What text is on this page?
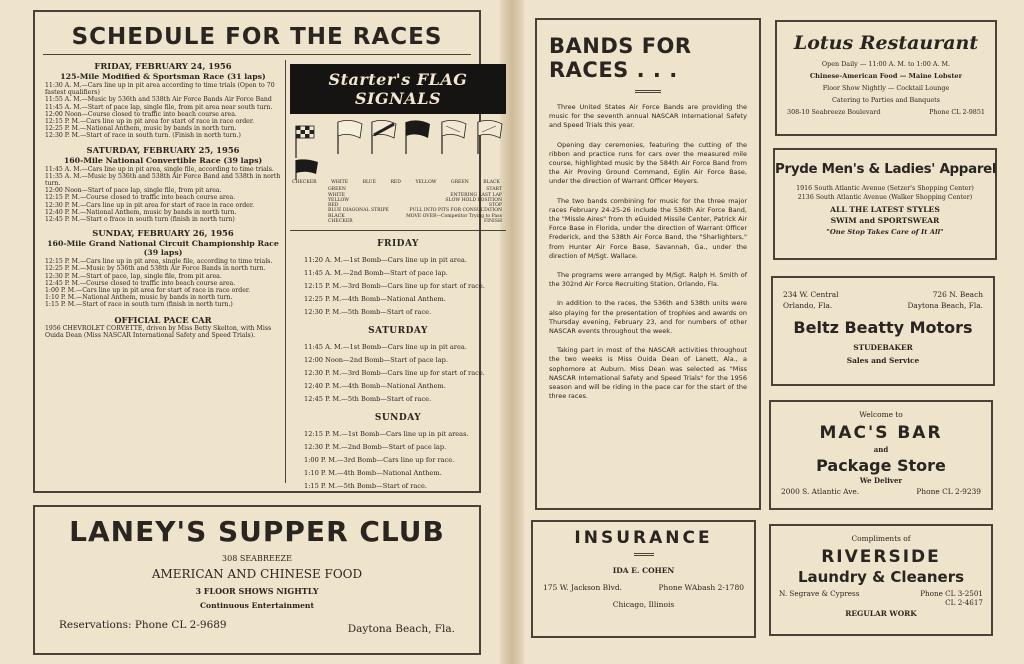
SCHEDULE FOR THE RACES
FRIDAY, FEBRUARY 24, 1956
125-Mile Modified & Sportsman Race (31 laps)
11:30 A. M.—Cars line up in pit area according to time trials (Open to 70 fastest qualifiers)
11:55 A. M.—Music by 536th and 538th Air Force Bands Air Force Band
11:45 A. M.—Start of pace lap, single file, from pit area near south turn.
12:00 Noon—Course closed to traffic into beach course area.
12:15 P. M.—Cars line up in pit area for start of race in race order.
12:25 P. M.—National Anthem, music by bands in north turn.
12:30 P. M.—Start of race in south turn. (Finish in north turn.)
SATURDAY, FEBRUARY 25, 1956
160-Mile National Convertible Race (39 laps)
11:45 A. M.—Cars line up in pit area, single file, according to time trials.
11:35 A. M.—Music by 536th and 538th Air Force Band and 538th in north turn.
12:00 Noon—Start of pace lap, single file, from pit area.
12:15 P. M.—Course closed to traffic into beach course area.
12:30 P. M.—Cars line up in pit area for start of race in race order.
12:40 P. M.—National Anthem, music by bands in north turn.
12:45 P. M.—Start o frace in south turn (finish in north turn)
SUNDAY, FEBRUARY 26, 1956
160-Mile Grand National Circuit Championship Race (39 laps)
12:15 P. M.—Cars line up in pit area, single file, according to time trials.
12:25 P. M.—Music by 536th and 538th Air Force Bands in north turn.
12:30 P. M.—Start of pace, lap, single file, from pit area.
12:45 P. M.—Course closed to traffic into beach course area.
1:00 P. M.—Cars line up in pit area for start of race in race order.
1:10 P. M.—National Anthem, music by bands in north turn.
1:15 P. M.—Start of race in south turn (finish in north turn.)
OFFICIAL PACE CAR
1956 CHEVROLET CORVETTE, driven by Miss Betty Skelton, with Miss Ouida Dean (Miss NASCAR International Safety and Speed Trials).
Starter's FLAG SIGNALS
CHECKER	WHITE	BLUE	RED	YELLOW	GREEN	BLACK
GREEN	START
WHITE	ENTERING LAST LAP
YELLOW	SLOW HOLD POSITION
RED	STOP
BLUE DIAGONAL STRIPE	PULL INTO PITS FOR CONSULTATION
BLACK	MOVE OVER—Competitor Trying to Pass
CHECKER	FINISH
FRIDAY
11:20 A. M.—1st Bomb—Cars line up in pit area.
11:45 A. M.—2nd Bomb—Start of pace lap.
12:15 P. M.—3rd Bomb—Cars line up for start of race.
12:25 P. M.—4th Bomb—National Anthem.
12:30 P. M.—5th Bomb—Start of race.
SATURDAY
11:45 A. M.—1st Bomb—Cars line up in pit area.
12:00 Noon—2nd Bomb—Start of pace lap.
12:30 P. M.—3rd Bomb—Cars line up for start of race.
12:40 P. M.—4th Bomb—National Anthem.
12:45 P. M.—5th Bomb—Start of race.
SUNDAY
12:15 P. M.—1st Bomb—Cars line up in pit areas.
12:30 P. M.—2nd Bomb—Start of pace lap.
1:00 P. M.—3rd Bomb—Cars line up for race.
1:10 P. M.—4th Bomb—National Anthem.
1:15 P. M.—5th Bomb—Start of race.
LANEY'S SUPPER CLUB
308 SEABREEZE
AMERICAN AND CHINESE FOOD
3 FLOOR SHOWS NIGHTLY
Continuous Entertainment
Reservations: Phone CL 2-9689	Daytona Beach, Fla.
BANDS FOR RACES . . .

Three United States Air Force Bands are providing the music for the seventh annual NASCAR International Safety and Speed Trials this year.

Opening day ceremonies, featuring the cutting of the ribbon and practice runs for cars over the measured mile course, highlighted music by the 584th Air Force Band from the Air Proving Ground Command, Eglin Air Force Base, under the direction of Warrant Officer Meyers.

The two bands combining for music for the three major races February 24-25-26 include the 536th Air Force Band, the "Missle Aires" from th eGuided Missile Center, Patrick Air Force Base in Florida, under the direction of Warrant Officer Frederick, and the 538th Air Force Band, the "Sharlighters," from Hunter Air Force Base, Savannah, Ga., under the direction of M/Sgt. Wallace.

The programs were arranged by M/Sgt. Ralph H. Smith of the 302nd Air Force Recruiting Station, Orlando, Fla.

In addition to the races, the 536th and 538th units were also playing for the presentation of trophies and awards on Thursday evening, February 23, and for numbers of other NASCAR events throughout the week.

Taking part in most of the NASCAR activities throughout the two weeks is Miss Ouida Dean of Lanett, Ala., a sophomore at Auburn. Miss Dean was selected as "Miss NASCAR International Safety and Speed Trials" for the 1956 season and will be riding in the pace car for the start of the three races.

INSURANCE
IDA E. COHEN
175 W. Jackson Blvd.	Phone WAbash 2-1780
Chicago, Illinois
Lotus Restaurant
Open Daily — 11:00 A. M. to 1:00 A. M.
Chinese-American Food — Maine Lobster
Floor Show Nightly — Cocktail Lounge
Catering to Parties and Banquets
308-10 Seabreeze Boulevard	Phone CL 2-9851
Pryde Men's & Ladies' Apparel
1916 South Atlantic Avenue (Setzer's Shopping Center)
2136 South Atlantic Avenue (Walker Shopping Center)
ALL THE LATEST STYLES
SWIM and SPORTSWEAR
"One Stop Takes Care of It All"
234 W. Central	726 N. Beach
Orlando, Fla.	Daytona Beach, Fla.
Beltz Beatty Motors
STUDEBAKER
Sales and Service
Welcome to
MAC'S BAR
and
Package Store
We Deliver
2000 S. Atlantic Ave.	Phone CL 2-9239
Compliments of
RIVERSIDE
Laundry & Cleaners
N. Segrave & Cypress	Phone CL 3-2501
CL 2-4617
REGULAR WORK
